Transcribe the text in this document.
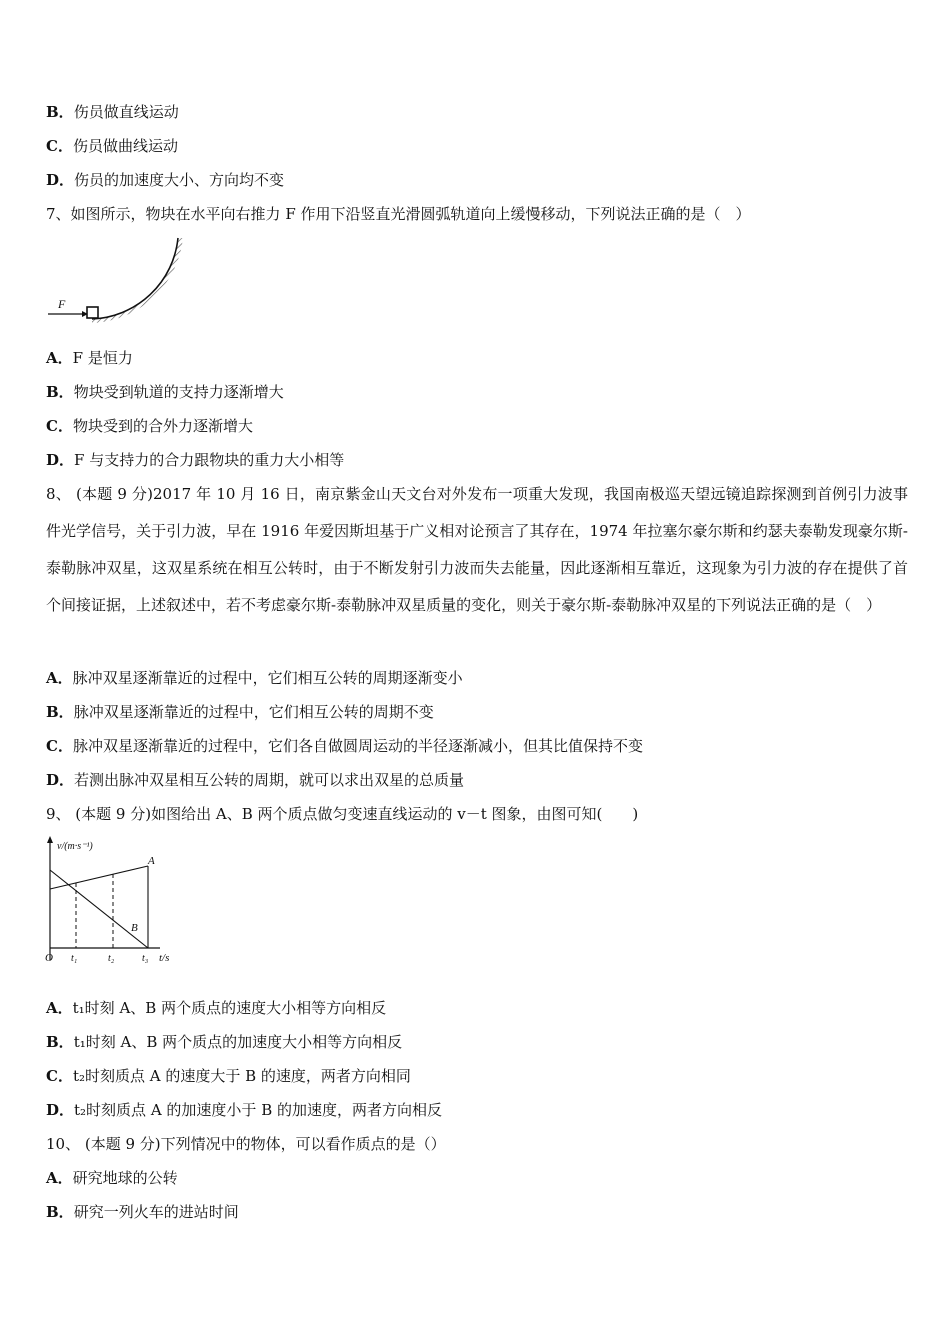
B．伤员做直线运动
C．伤员做曲线运动
D．伤员的加速度大小、方向均不变
7、如图所示，物块在水平向右推力 F 作用下沿竖直光滑圆弧轨道向上缓慢移动，下列说法正确的是（　）
F
A．F 是恒力
B．物块受到轨道的支持力逐渐增大
C．物块受到的合外力逐渐增大
D．F 与支持力的合力跟物块的重力大小相等
8、 (本题 9 分)2017 年 10 月 16 日，南京紫金山天文台对外发布一项重大发现，我国南极巡天望远镜追踪探测到首例引力波事件光学信号，关于引力波，早在 1916 年爱因斯坦基于广义相对论预言了其存在，1974 年拉塞尔豪尔斯和约瑟夫泰勒发现豪尔斯-泰勒脉冲双星，这双星系统在相互公转时，由于不断发射引力波而失去能量，因此逐渐相互靠近，这现象为引力波的存在提供了首个间接证据，上述叙述中，若不考虑豪尔斯-泰勒脉冲双星质量的变化，则关于豪尔斯-泰勒脉冲双星的下列说法正确的是（　）
A．脉冲双星逐渐靠近的过程中，它们相互公转的周期逐渐变小
B．脉冲双星逐渐靠近的过程中，它们相互公转的周期不变
C．脉冲双星逐渐靠近的过程中，它们各自做圆周运动的半径逐渐减小，但其比值保持不变
D．若测出脉冲双星相互公转的周期，就可以求出双星的总质量
9、 (本题 9 分)如图给出 A、B 两个质点做匀变速直线运动的 v－t 图象，由图可知(　　)
v/(m·s⁻¹)
A
B
O t₁	t₂	t₃ t/s
A．t₁时刻 A、B 两个质点的速度大小相等方向相反
B．t₁时刻 A、B 两个质点的加速度大小相等方向相反
C．t₂时刻质点 A 的速度大于 B 的速度，两者方向相同
D．t₂时刻质点 A 的加速度小于 B 的加速度，两者方向相反
10、 (本题 9 分)下列情况中的物体，可以看作质点的是（）
A．研究地球的公转
B．研究一列火车的进站时间
